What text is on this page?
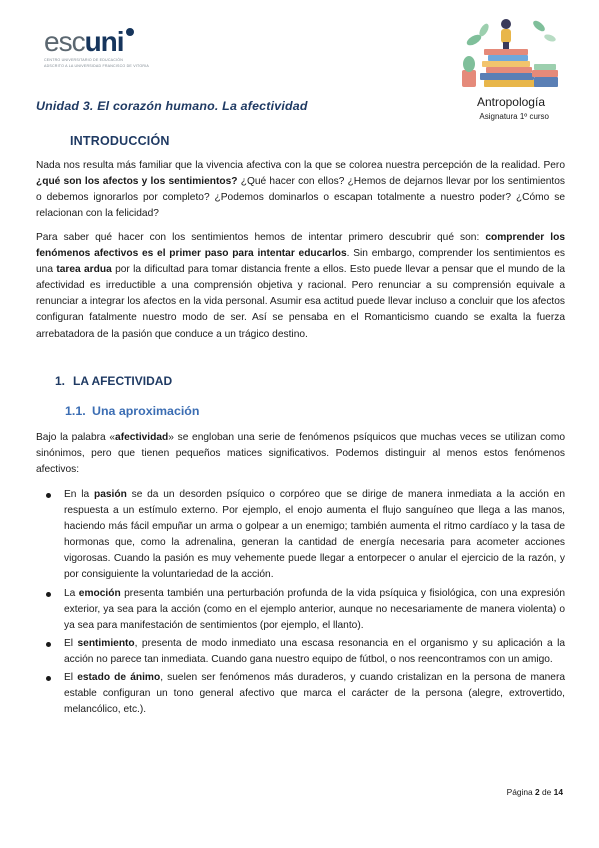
escuni
CENTRO UNIVERSITARIO DE EDUCACIÓN
ADSCRITO A LA UNIVERSIDAD FRANCISCO DE VITORIA
Antropología
Asignatura 1º curso
Unidad 3. El corazón humano. La afectividad
INTRODUCCIÓN
Nada nos resulta más familiar que la vivencia afectiva con la que se colorea nuestra percepción de la realidad. Pero ¿qué son los afectos y los sentimientos? ¿Qué hacer con ellos? ¿Hemos de dejarnos llevar por los sentimientos o debemos ignorarlos por completo? ¿Podemos dominarlos o escapan totalmente a nuestro poder? ¿Cómo se relacionan con la felicidad?
Para saber qué hacer con los sentimientos hemos de intentar primero descubrir qué son: comprender los fenómenos afectivos es el primer paso para intentar educarlos. Sin embargo, comprender los sentimientos es una tarea ardua por la dificultad para tomar distancia frente a ellos. Esto puede llevar a pensar que el mundo de la afectividad es irreductible a una comprensión objetiva y racional. Pero renunciar a su comprensión equivale a renunciar a integrar los afectos en la vida personal. Asumir esa actitud puede llevar incluso a concluir que los afectos configuran fatalmente nuestro modo de ser. Así se pensaba en el Romanticismo cuando se exalta la fuerza arrebatadora de la pasión que conduce a un trágico destino.
1. LA AFECTIVIDAD
1.1. Una aproximación
Bajo la palabra «afectividad» se engloban una serie de fenómenos psíquicos que muchas veces se utilizan como sinónimos, pero que tienen pequeños matices significativos. Podemos distinguir al menos estos fenómenos afectivos:
En la pasión se da un desorden psíquico o corpóreo que se dirige de manera inmediata a la acción en respuesta a un estímulo externo. Por ejemplo, el enojo aumenta el flujo sanguíneo que llega a las manos, haciendo más fácil empuñar un arma o golpear a un enemigo; también aumenta el ritmo cardíaco y la tasa de hormonas que, como la adrenalina, generan la cantidad de energía necesaria para acometer acciones vigorosas. Cuando la pasión es muy vehemente puede llegar a entorpecer o anular el ejercicio de la razón, y por consiguiente la voluntariedad de la acción.
La emoción presenta también una perturbación profunda de la vida psíquica y fisiológica, con una expresión exterior, ya sea para la acción (como en el ejemplo anterior, aunque no necesariamente de manera violenta) o ya sea para manifestación de sentimientos (por ejemplo, el llanto).
El sentimiento, presenta de modo inmediato una escasa resonancia en el organismo y su aplicación a la acción no parece tan inmediata. Cuando gana nuestro equipo de fútbol, o nos reencontramos con un amigo.
El estado de ánimo, suelen ser fenómenos más duraderos, y cuando cristalizan en la persona de manera estable configuran un tono general afectivo que marca el carácter de la persona (alegre, extrovertido, melancólico, etc.).
Página 2 de 14
